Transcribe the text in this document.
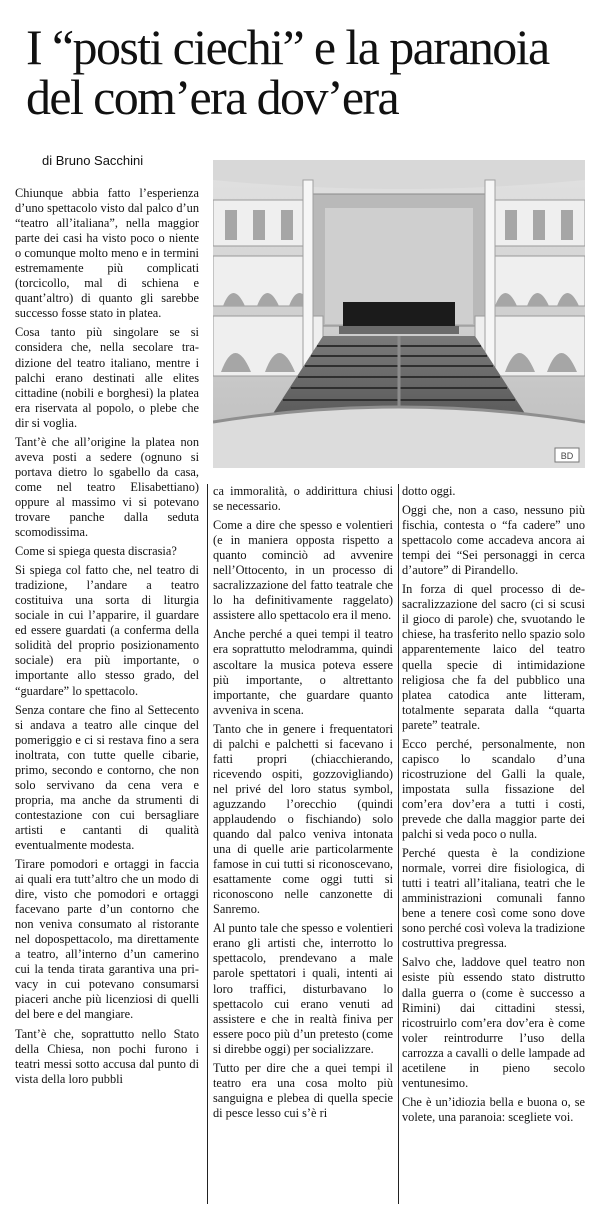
I “posti ciechi” e la paranoia
del com’era dov’era
di Bruno Sacchini
BD

Chiunque abbia fatto l’esperienza d’uno spettacolo visto dal palco d’un “teatro all’italiana”, nella maggior parte dei casi ha visto poco o niente o comunque molto meno e in termini estremamente più complicati (torcicollo, mal di schiena e quant’altro) di quanto gli sarebbe successo fosse stato in platea.

Cosa tanto più singolare se si considera che, nella secolare tradizione del teatro italiano, mentre i palchi erano destinati alle elites cittadine (nobili e borghesi) la platea era riservata al popolo, o plebe che dir si voglia.

Tant’è che all’origine la platea non aveva posti a sedere (ognuno si portava dietro lo sgabello da casa, come nel teatro Elisabettiano) oppure al massimo vi si potevano trovare panche dalla seduta scomodissima.

Come si spiega questa discrasia?

Si spiega col fatto che, nel teatro di tradizione, l’andare a teatro costituiva una sorta di liturgia sociale in cui l’apparire, il guardare ed essere guardati (a conferma della solidità del proprio posizionamento sociale) era più importante, o importante allo stesso grado, del “guardare” lo spettacolo.

Senza contare che fino al Settecento si andava a teatro alle cinque del pomeriggio e ci si restava fino a sera inoltrata, con tutte quelle cibarie, primo, secondo e contorno, che non solo servivano da cena vera e propria, ma anche da strumenti di contestazione con cui bersagliare artisti e cantanti di qualità eventualmente modesta.

Tirare pomodori e ortaggi in faccia ai quali era tutt’altro che un modo di dire, visto che pomodori e ortaggi facevano parte d’un contorno che non veniva consumato al ristorante nel dopospettacolo, ma direttamente a teatro, all’interno d’un camerino cui la tenda tirata garantiva una privacy in cui potevano consumarsi piaceri anche più licenziosi di quelli del bere e del mangiare.

Tant’è che, soprattutto nello Stato della Chiesa, non pochi furono i teatri messi sotto accusa dal punto di vista della loro pubbli

ca immoralità, o addirittura chiusi se necessario.

Come a dire che spesso e volentieri (e in maniera opposta rispetto a quanto cominciò ad avvenire nell’Ottocento, in un processo di sacralizzazione del fatto teatrale che lo ha definitivamente raggelato) assistere allo spettacolo era il meno.

Anche perché a quei tempi il teatro era soprattutto melodramma, quindi ascoltare la musica poteva essere più importante, o altrettanto importante, che guardare quanto avveniva in scena.

Tanto che in genere i frequentatori di palchi e palchetti si facevano i fatti propri (chiacchierando, ricevendo ospiti, gozzovigliando) nel privé del loro status symbol, aguzzando l’orecchio (quindi applaudendo o fischiando) solo quando dal palco veniva intonata una di quelle arie particolarmente famose in cui tutti si riconoscevano, esattamente come oggi tutti si riconoscono nelle canzonette di Sanremo.

Al punto tale che spesso e volentieri erano gli artisti che, interrotto lo spettacolo, prendevano a male parole spettatori i quali, intenti ai loro traffici, disturbavano lo spettacolo cui erano venuti ad assistere e che in realtà finiva per essere poco più d’un pretesto (come si direbbe oggi) per socializzare.

Tutto per dire che a quei tempi il teatro era una cosa molto più sanguigna e plebea di quella specie di pesce lesso cui s’è ri

dotto oggi.

Oggi che, non a caso, nessuno più fischia, contesta o “fa cadere” uno spettacolo come accadeva ancora ai tempi dei “Sei personaggi in cerca d’autore” di Pirandello.

In forza di quel processo di desacralizzazione del sacro (ci si scusi il gioco di parole) che, svuotando le chiese, ha trasferito nello spazio solo apparentemente laico del teatro quella specie di intimidazione religiosa che fa del pubblico una platea catodica ante litteram, totalmente separata dalla “quarta parete” teatrale.

Ecco perché, personalmente, non capisco lo scandalo d’una ricostruzione del Galli la quale, impostata sulla fissazione del com’era dov’era a tutti i costi, prevede che dalla maggior parte dei palchi si veda poco o nulla.

Perché questa è la condizione normale, vorrei dire fisiologica, di tutti i teatri all’italiana, teatri che le amministrazioni comunali fanno bene a tenere così come sono dove sono perché così voleva la tradizione costruttiva pregressa.

Salvo che, laddove quel teatro non esiste più essendo stato distrutto dalla guerra o (come è successo a Rimini) dai cittadini stessi, ricostruirlo com’era dov’era è come voler reintrodurre l’uso della carrozza a cavalli o delle lampade ad acetilene in pieno secolo ventunesimo.

Che è un’idiozia bella e buona o, se volete, una paranoia: scegliete voi.
